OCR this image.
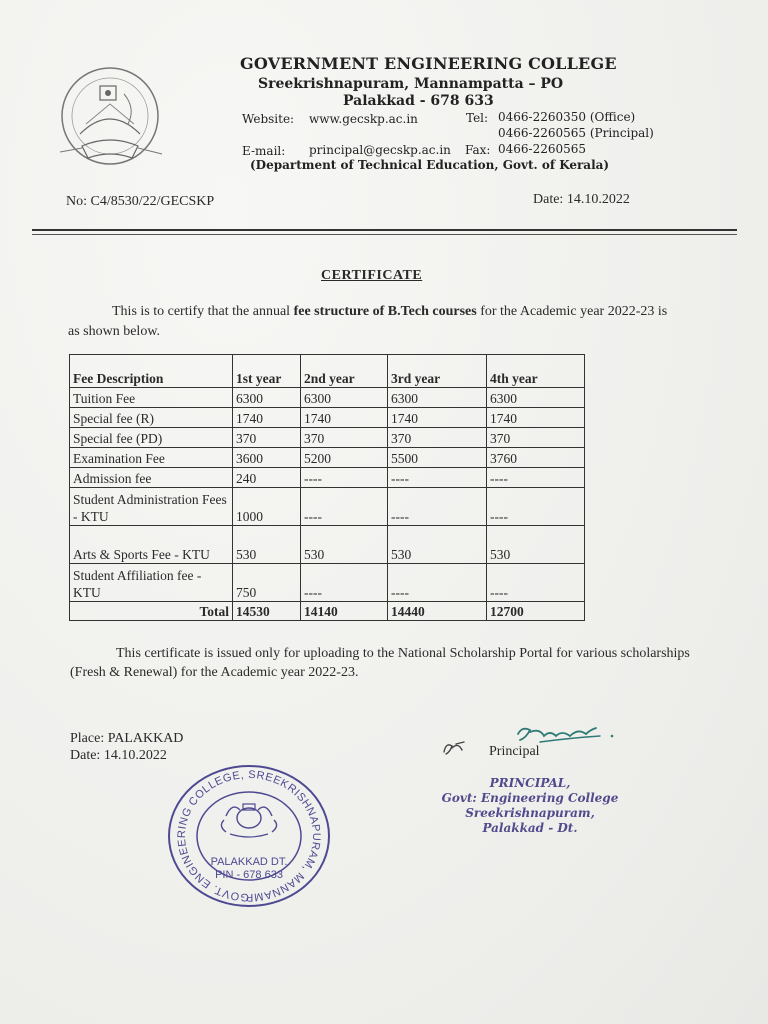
GOVERNMENT ENGINEERING COLLEGE
Sreekrishnapuram, Mannampatta – PO
Palakkad - 678 633
Website: www.gecskp.ac.in	Tel: 0466-2260350 (Office)
0466-2260565 (Principal)
E-mail: principal@gecskp.ac.in Fax: 0466-2260565
(Department of Technical Education, Govt. of Kerala)
No: C4/8530/22/GECSKP	Date: 14.10.2022
CERTIFICATE
This is to certify that the annual fee structure of B.Tech courses for the Academic year 2022-23 is as shown below.
Fee Description	1st year	2nd year	3rd year	4th year
Tuition Fee	6300	6300	6300	6300
Special fee (R)	1740	1740	1740	1740
Special fee (PD)	370	370	370	370
Examination Fee	3600	5200	5500	3760
Admission fee	240	----	----	----
Student Administration Fees - KTU	1000	----	----	----
Arts & Sports Fee - KTU	530	530	530	530
Student Affiliation fee - KTU	750	----	----	----
Total	14530	14140	14440	12700
This certificate is issued only for uploading to the National Scholarship Portal for various scholarships (Fresh & Renewal) for the Academic year 2022-23.
Place: PALAKKAD
Date: 14.10.2022	Principal
PRINCIPAL,
Govt: Engineering College
Sreekrishnapuram,
Palakkad - Dt.
GOVT. ENGINEERING COLLEGE, SREEKRISHNAPURAM, MANNAMP
PALAKKAD DT.
PIN - 678 633
